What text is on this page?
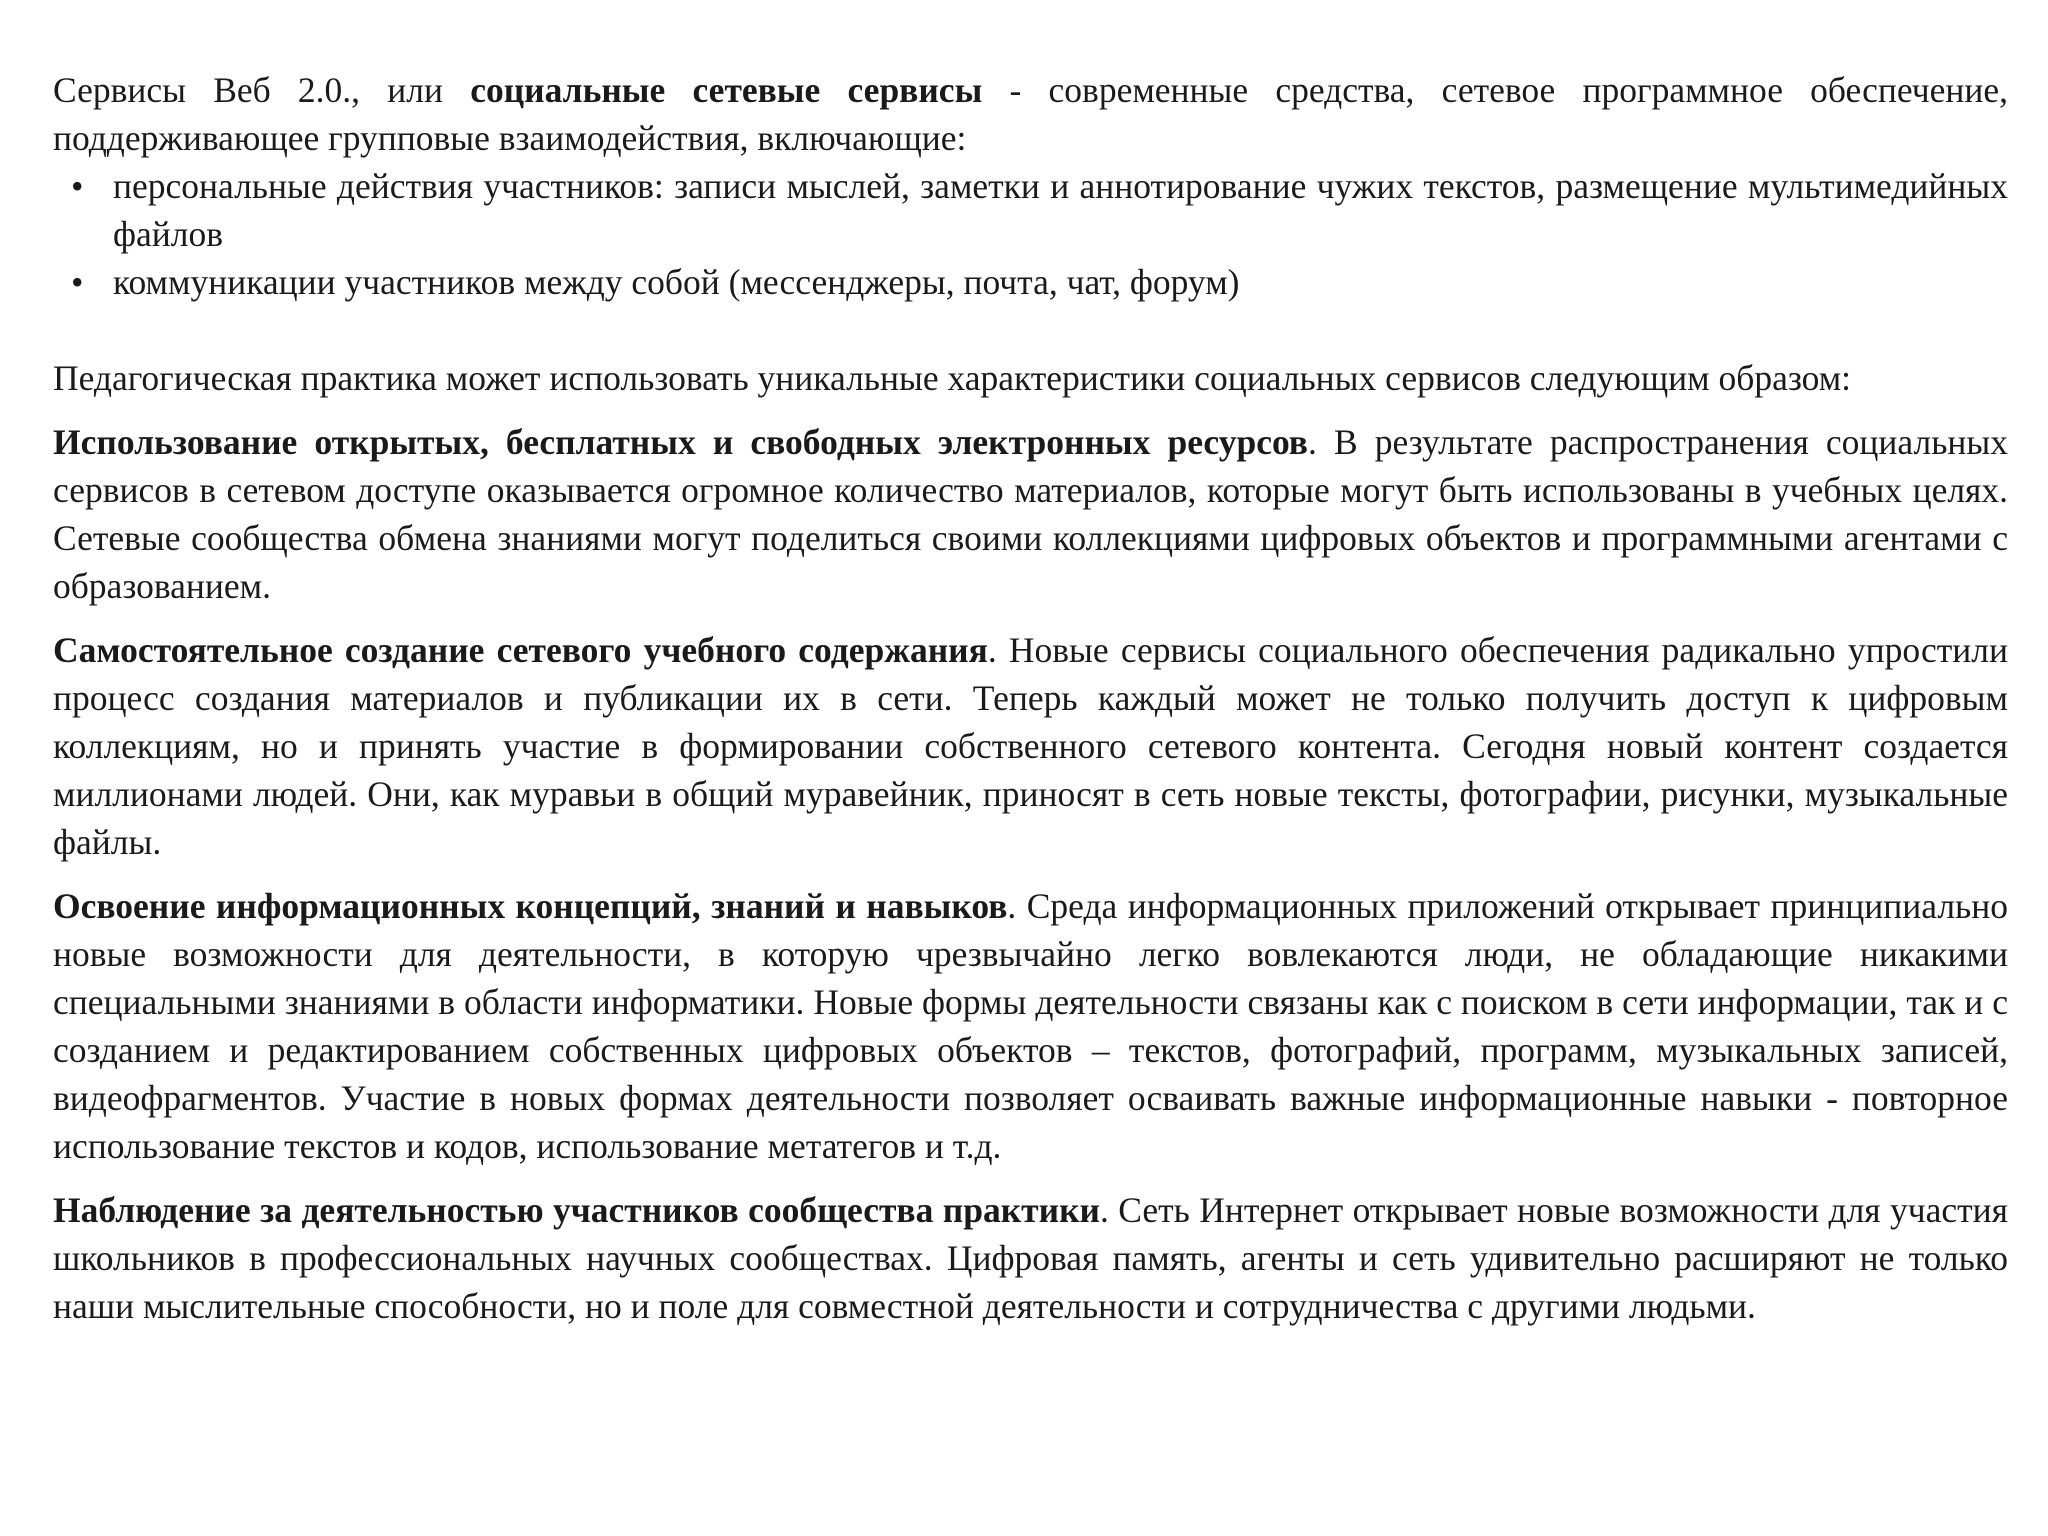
Сервисы Веб 2.0., или социальные сетевые сервисы - современные средства, сетевое программное обеспечение, поддерживающее групповые взаимодействия, включающие:

• персональные действия участников: записи мыслей, заметки и аннотирование чужих текстов, размещение мультимедийных файлов
• коммуникации участников между собой (мессенджеры, почта, чат, форум)

Педагогическая практика может использовать уникальные характеристики социальных сервисов следующим образом:

Использование открытых, бесплатных и свободных электронных ресурсов. В результате распространения социальных сервисов в сетевом доступе оказывается огромное количество материалов, которые могут быть использованы в учебных целях. Сетевые сообщества обмена знаниями могут поделиться своими коллекциями цифровых объектов и программными агентами с образованием.

Самостоятельное создание сетевого учебного содержания. Новые сервисы социального обеспечения радикально упростили процесс создания материалов и публикации их в сети. Теперь каждый может не только получить доступ к цифровым коллекциям, но и принять участие в формировании собственного сетевого контента. Сегодня новый контент создается миллионами людей. Они, как муравьи в общий муравейник, приносят в сеть новые тексты, фотографии, рисунки, музыкальные файлы.

Освоение информационных концепций, знаний и навыков. Среда информационных приложений открывает принципиально новые возможности для деятельности, в которую чрезвычайно легко вовлекаются люди, не обладающие никакими специальными знаниями в области информатики. Новые формы деятельности связаны как с поиском в сети информации, так и с созданием и редактированием собственных цифровых объектов – текстов, фотографий, программ, музыкальных записей, видеофрагментов. Участие в новых формах деятельности позволяет осваивать важные информационные навыки - повторное использование текстов и кодов, использование метатегов и т.д.

Наблюдение за деятельностью участников сообщества практики. Сеть Интернет открывает новые возможности для участия школьников в профессиональных научных сообществах. Цифровая память, агенты и сеть удивительно расширяют не только наши мыслительные способности, но и поле для совместной деятельности и сотрудничества с другими людьми.
